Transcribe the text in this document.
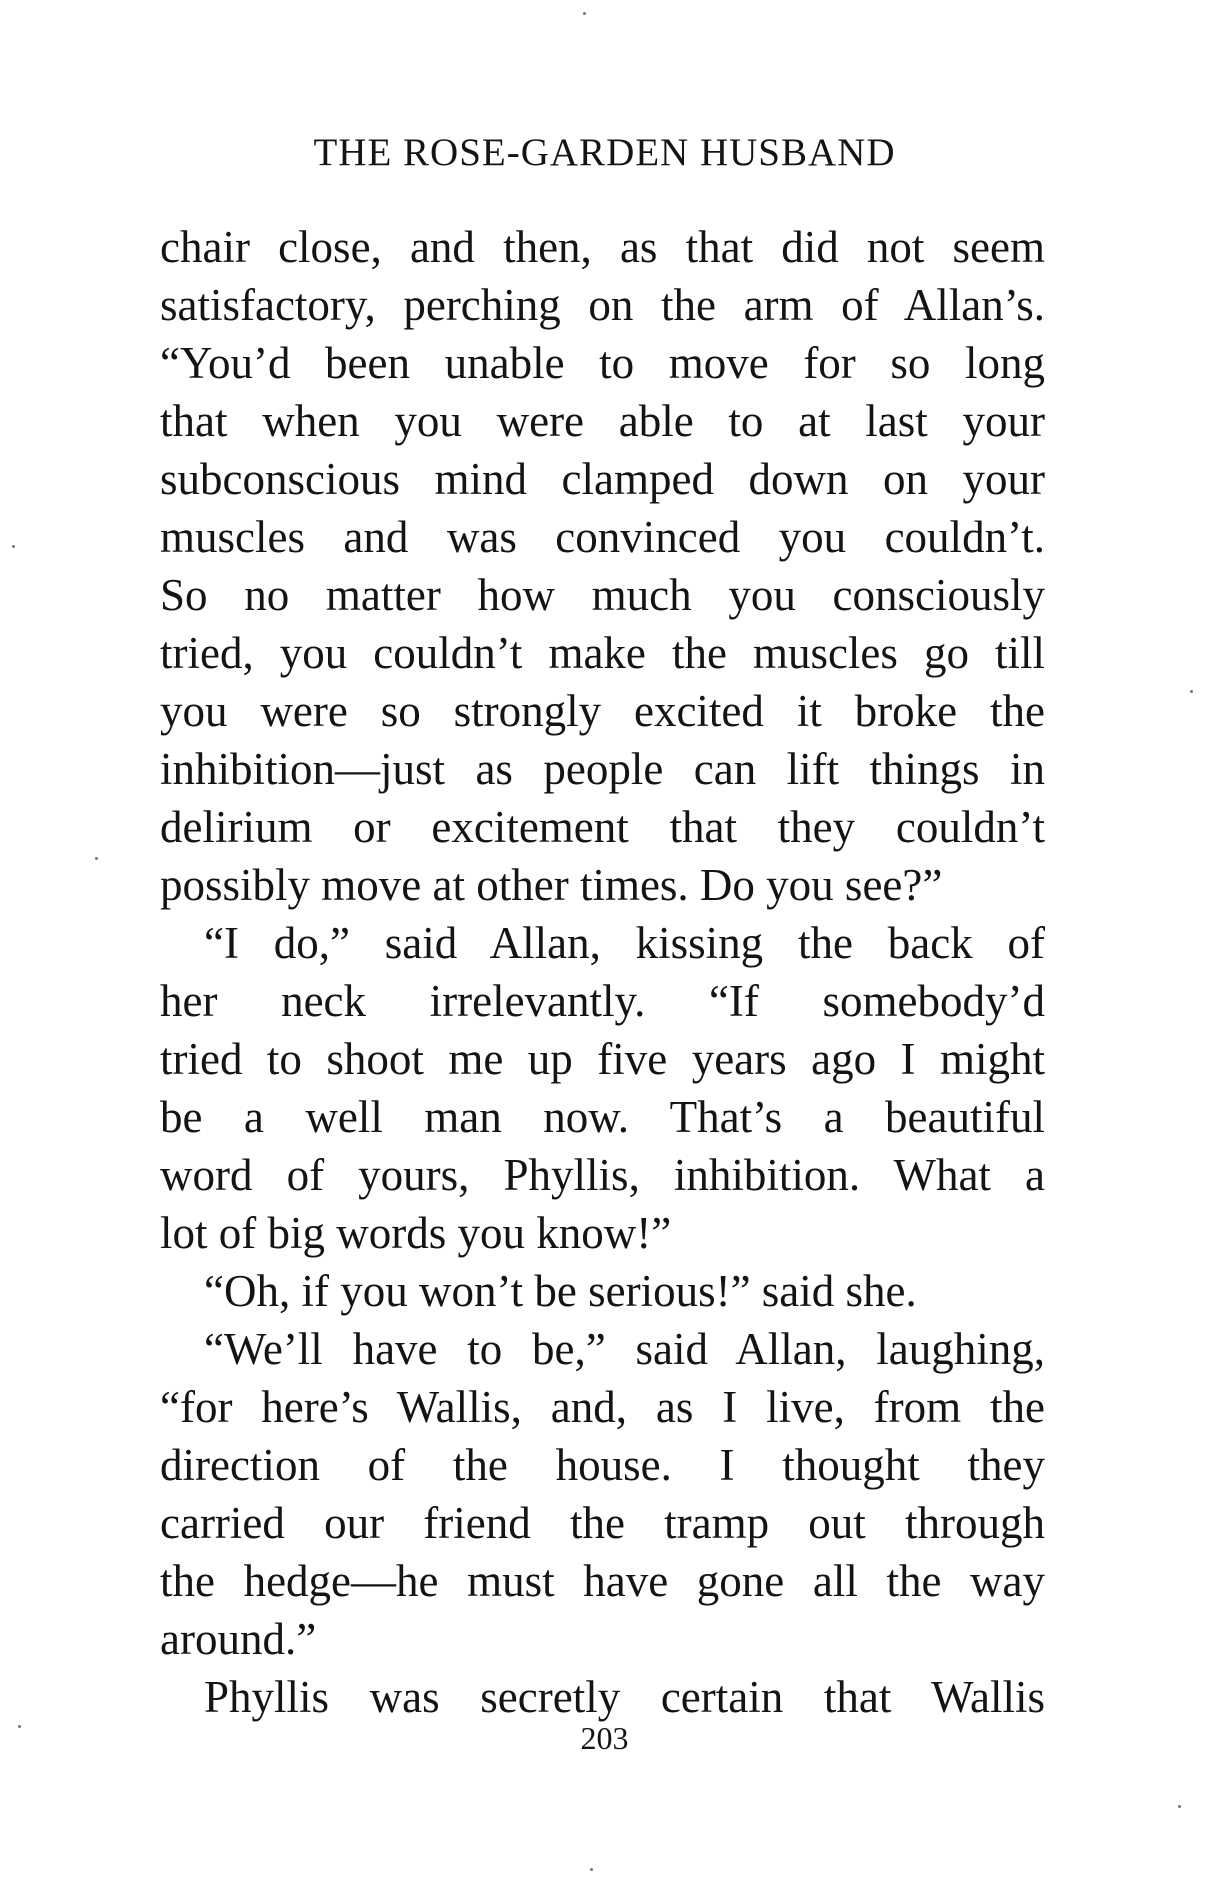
THE ROSE-GARDEN HUSBAND
chair close, and then, as that did not seem
satisfactory, perching on the arm of Allan’s.
“You’d been unable to move for so long
that when you were able to at last your
subconscious mind clamped down on your
muscles and was convinced you couldn’t.
So no matter how much you consciously
tried, you couldn’t make the muscles go till
you were so strongly excited it broke the
inhibition—just as people can lift things in
delirium or excitement that they couldn’t
possibly move at other times. Do you see?”
“I do,” said Allan, kissing the back of
her neck irrelevantly. “If somebody’d
tried to shoot me up five years ago I might
be a well man now. That’s a beautiful
word of yours, Phyllis, inhibition. What a
lot of big words you know!”
“Oh, if you won’t be serious!” said she.
“We’ll have to be,” said Allan, laughing,
“for here’s Wallis, and, as I live, from the
direction of the house. I thought they
carried our friend the tramp out through
the hedge—he must have gone all the way
around.”
Phyllis was secretly certain that Wallis
203
